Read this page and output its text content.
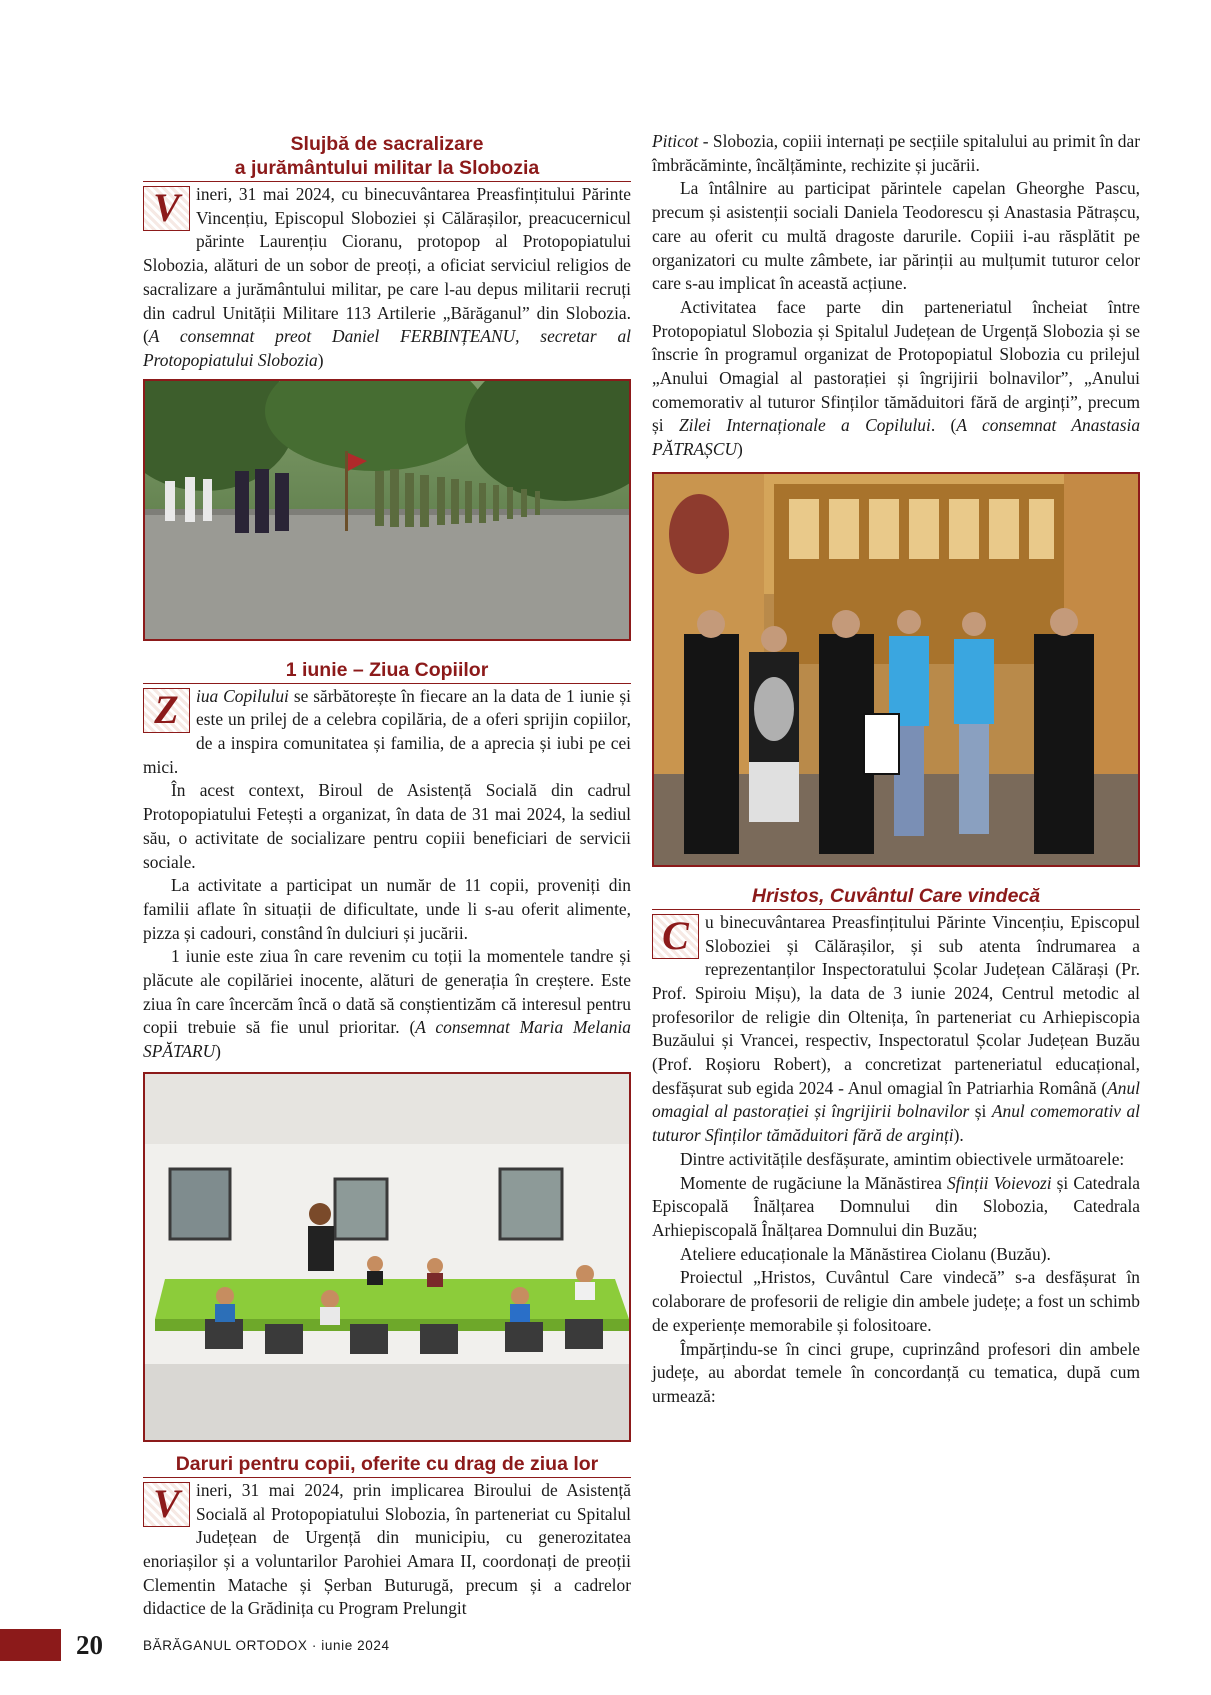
Slujbă de sacralizare
a jurământului militar la Slobozia

V ineri, 31 mai 2024, cu binecuvântarea Preasfințitului Părinte Vincențiu, Episcopul Sloboziei și Călărașilor, preacucernicul părinte Laurențiu Cioranu, protopop al Protopopiatului Slobozia, alături de un sobor de preoți, a oficiat serviciul religios de sacralizare a jurământului militar, pe care l-au depus militarii recruți din cadrul Unității Militare 113 Artilerie „Bărăganul” din Slobozia. (A consemnat preot Daniel FERBINȚEANU, secretar al Protopopiatului Slobozia)

1 iunie – Ziua Copiilor

Z iua Copilului se sărbătorește în fiecare an la data de 1 iunie și este un prilej de a celebra copilăria, de a oferi sprijin copiilor, de a inspira comunitatea și familia, de a aprecia și iubi pe cei mici.

În acest context, Biroul de Asistență Socială din cadrul Protopopiatului Fetești a organizat, în data de 31 mai 2024, la sediul său, o activitate de socializare pentru copiii beneficiari de servicii sociale.

La activitate a participat un număr de 11 copii, proveniți din familii aflate în situații de dificultate, unde li s-au oferit alimente, pizza și cadouri, constând în dulciuri și jucării.

1 iunie este ziua în care revenim cu toții la momentele tandre și plăcute ale copilăriei inocente, alături de generația în creștere. Este ziua în care încercăm încă o dată să conștientizăm că interesul pentru copii trebuie să fie unul prioritar. (A consemnat Maria Melania SPĂTARU)

Daruri pentru copii, oferite cu drag de ziua lor

V ineri, 31 mai 2024, prin implicarea Biroului de Asistență Socială al Protopopiatului Slobozia, în parteneriat cu Spitalul Județean de Urgență din municipiu, cu generozitatea enoriașilor și a voluntarilor Parohiei Amara II, coordonați de preoții Clementin Matache și Șerban Buturugă, precum și a cadrelor didactice de la Grădinița cu Program Prelungit

Piticot - Slobozia, copiii internați pe secțiile spitalului au primit în dar îmbrăcăminte, încălțăminte, rechizite și jucării.

La întâlnire au participat părintele capelan Gheorghe Pascu, precum și asistenții sociali Daniela Teodorescu și Anastasia Pătrașcu, care au oferit cu multă dragoste darurile. Copiii i-au răsplătit pe organizatori cu multe zâmbete, iar părinții au mulțumit tuturor celor care s-au implicat în această acțiune.

Activitatea face parte din parteneriatul încheiat între Protopopiatul Slobozia și Spitalul Județean de Urgență Slobozia și se înscrie în programul organizat de Protopopiatul Slobozia cu prilejul „Anului Omagial al pastorației și îngrijirii bolnavilor”, „Anului comemorativ al tuturor Sfinților tămăduitori fără de arginți”, precum și Zilei Internaționale a Copilului. (A consemnat Anastasia PĂTRAȘCU)

Hristos, Cuvântul Care vindecă

C u binecuvântarea Preasfințitului Părinte Vincențiu, Episcopul Sloboziei și Călărașilor, și sub atenta îndrumarea a reprezentanților Inspectoratului Școlar Județean Călărași (Pr. Prof. Spiroiu Mișu), la data de 3 iunie 2024, Centrul metodic al profesorilor de religie din Oltenița, în parteneriat cu Arhiepiscopia Buzăului și Vrancei, respectiv, Inspectoratul Școlar Județean Buzău (Prof. Roșioru Robert), a concretizat parteneriatul educațional, desfășurat sub egida 2024 - Anul omagial în Patriarhia Română (Anul omagial al pastorației și îngrijirii bolnavilor și Anul comemorativ al tuturor Sfinților tămăduitori fără de arginți).

Dintre activitățile desfășurate, amintim obiectivele următoarele:

Momente de rugăciune la Mănăstirea Sfinții Voievozi și Catedrala Episcopală Înălțarea Domnului din Slobozia, Catedrala Arhiepiscopală Înălțarea Domnului din Buzău;

Ateliere educaționale la Mănăstirea Ciolanu (Buzău).

Proiectul „Hristos, Cuvântul Care vindecă” s-a desfășurat în colaborare de profesorii de religie din ambele județe; a fost un schimb de experiențe memorabile și folositoare.

Împărțindu-se în cinci grupe, cuprinzând profesori din ambele județe, au abordat temele în concordanță cu tematica, după cum urmează:

20	BĂRĂGANUL ORTODOX · iunie 2024
